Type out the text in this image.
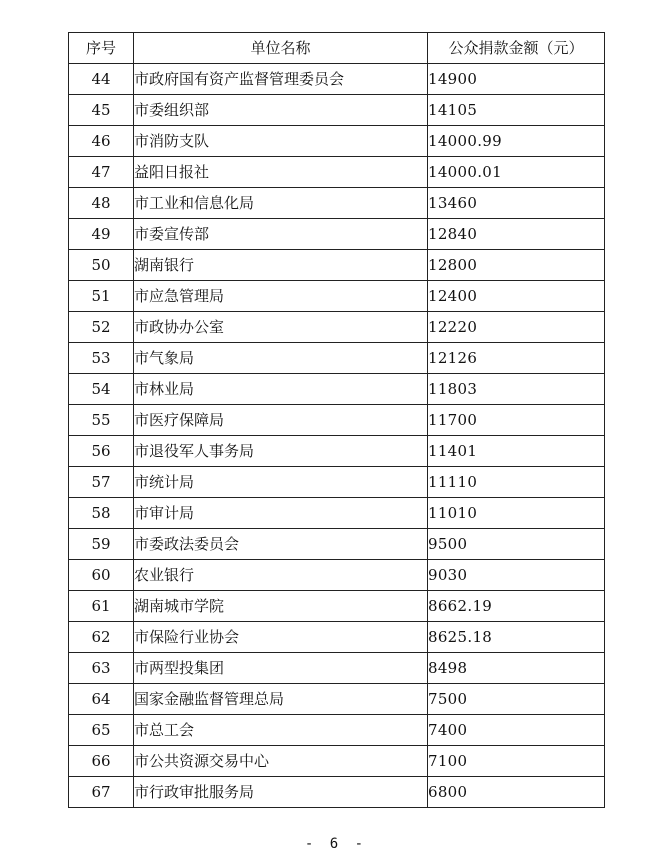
序号	单位名称	公众捐款金额（元）
44	市政府国有资产监督管理委员会	14900
45	市委组织部	14105
46	市消防支队	14000.99
47	益阳日报社	14000.01
48	市工业和信息化局	13460
49	市委宣传部	12840
50	湖南银行	12800
51	市应急管理局	12400
52	市政协办公室	12220
53	市气象局	12126
54	市林业局	11803
55	市医疗保障局	11700
56	市退役军人事务局	11401
57	市统计局	11110
58	市审计局	11010
59	市委政法委员会	9500
60	农业银行	9030
61	湖南城市学院	8662.19
62	市保险行业协会	8625.18
63	市两型投集团	8498
64	国家金融监督管理总局	7500
65	市总工会	7400
66	市公共资源交易中心	7100
67	市行政审批服务局	6800
- 6 -
